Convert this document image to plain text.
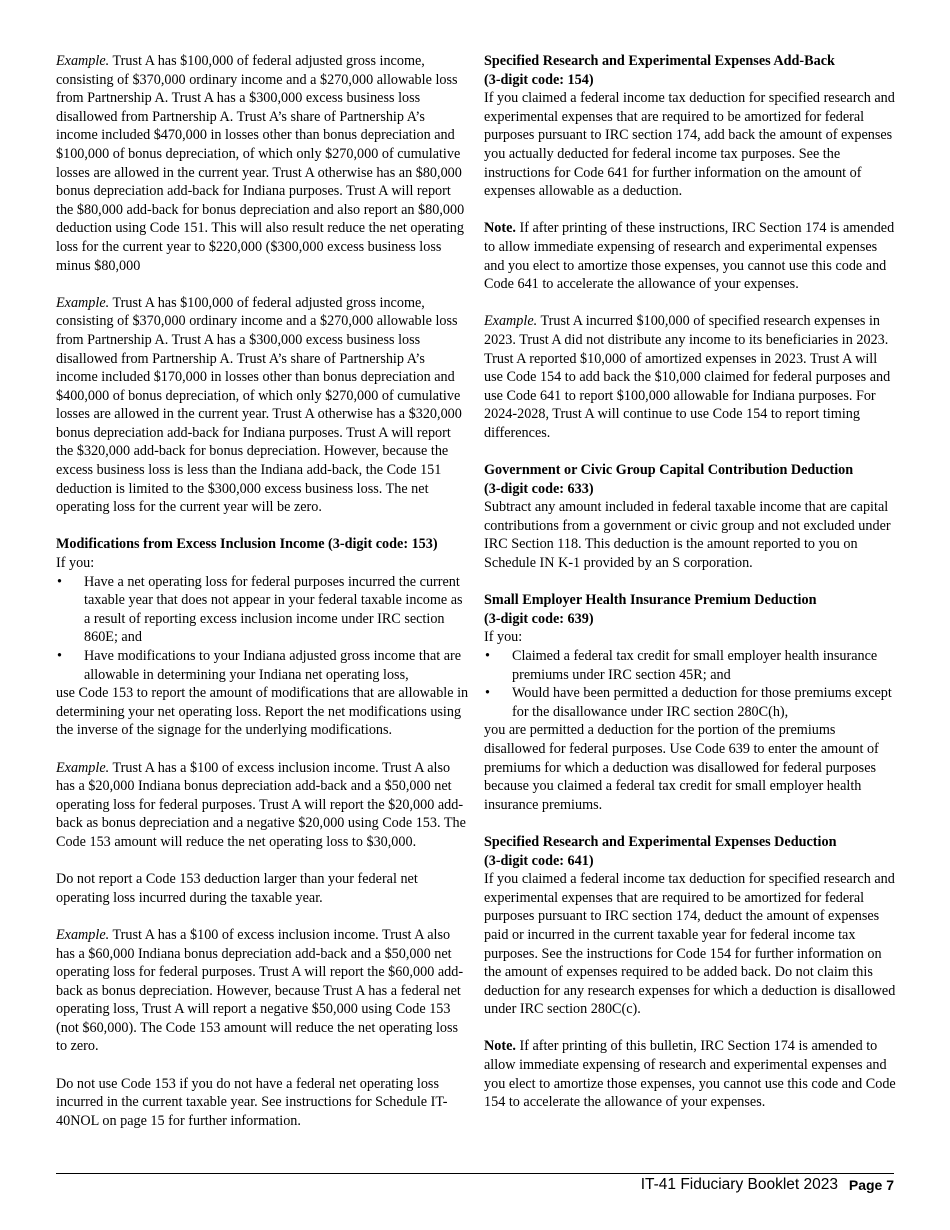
Example. Trust A has $100,000 of federal adjusted gross income, consisting of $370,000 ordinary income and a $270,000 allowable loss from Partnership A. Trust A has a $300,000 excess business loss disallowed from Partnership A. Trust A’s share of Partnership A’s income included $470,000 in losses other than bonus depreciation and $100,000 of bonus depreciation, of which only $270,000 of cumulative losses are allowed in the current year. Trust A otherwise has an $80,000 bonus depreciation add-back for Indiana purposes. Trust A will report the $80,000 add-back for bonus depreciation and also report an $80,000 deduction using Code 151. This will also result reduce the net operating loss for the current year to $220,000 ($300,000 excess business loss minus $80,000

Example. Trust A has $100,000 of federal adjusted gross income, consisting of $370,000 ordinary income and a $270,000 allowable loss from Partnership A. Trust A has a $300,000 excess business loss disallowed from Partnership A. Trust A’s share of Partnership A’s income included $170,000 in losses other than bonus depreciation and $400,000 of bonus depreciation, of which only $270,000 of cumulative losses are allowed in the current year. Trust A otherwise has a $320,000 bonus depreciation add-back for Indiana purposes. Trust A will report the $320,000 add-back for bonus depreciation. However, because the excess business loss is less than the Indiana add-back, the Code 151 deduction is limited to the $300,000 excess business loss. The net operating loss for the current year will be zero.

Modifications from Excess Inclusion Income (3-digit code: 153)

If you:

• Have a net operating loss for federal purposes incurred the current taxable year that does not appear in your federal taxable income as a result of reporting excess inclusion income under IRC section 860E; and
• Have modifications to your Indiana adjusted gross income that are allowable in determining your Indiana net operating loss,

use Code 153 to report the amount of modifications that are allowable in determining your net operating loss. Report the net modifications using the inverse of the signage for the underlying modifications.

Example. Trust A has a $100 of excess inclusion income. Trust A also has a $20,000 Indiana bonus depreciation add-back and a $50,000 net operating loss for federal purposes. Trust A will report the $20,000 add-back as bonus depreciation and a negative $20,000 using Code 153. The Code 153 amount will reduce the net operating loss to $30,000.

Do not report a Code 153 deduction larger than your federal net operating loss incurred during the taxable year.

Example. Trust A has a $100 of excess inclusion income. Trust A also has a $60,000 Indiana bonus depreciation add-back and a $50,000 net operating loss for federal purposes. Trust A will report the $60,000 add-back as bonus depreciation. However, because Trust A has a federal net operating loss, Trust A will report a negative $50,000 using Code 153 (not $60,000). The Code 153 amount will reduce the net operating loss to zero.

Do not use Code 153 if you do not have a federal net operating loss incurred in the current taxable year. See instructions for Schedule IT-40NOL on page 15 for further information.

Specified Research and Experimental Expenses Add-Back
(3-digit code: 154)

If you claimed a federal income tax deduction for specified research and experimental expenses that are required to be amortized for federal purposes pursuant to IRC section 174, add back the amount of expenses you actually deducted for federal income tax purposes. See the instructions for Code 641 for further information on the amount of expenses allowable as a deduction.

Note. If after printing of these instructions, IRC Section 174 is amended to allow immediate expensing of research and experimental expenses and you elect to amortize those expenses, you cannot use this code and Code 641 to accelerate the allowance of your expenses.

Example. Trust A incurred $100,000 of specified research expenses in 2023. Trust A did not distribute any income to its beneficiaries in 2023. Trust A reported $10,000 of amortized expenses in 2023. Trust A will use Code 154 to add back the $10,000 claimed for federal purposes and use Code 641 to report $100,000 allowable for Indiana purposes. For 2024-2028, Trust A will continue to use Code 154 to report timing differences.

Government or Civic Group Capital Contribution Deduction
(3-digit code: 633)

Subtract any amount included in federal taxable income that are capital contributions from a government or civic group and not excluded under IRC Section 118. This deduction is the amount reported to you on Schedule IN K-1 provided by an S corporation.

Small Employer Health Insurance Premium Deduction
(3-digit code: 639)

If you:

• Claimed a federal tax credit for small employer health insurance premiums under IRC section 45R; and
• Would have been permitted a deduction for those premiums except for the disallowance under IRC section 280C(h),

you are permitted a deduction for the portion of the premiums disallowed for federal purposes. Use Code 639 to enter the amount of premiums for which a deduction was disallowed for federal purposes because you claimed a federal tax credit for small employer health insurance premiums.

Specified Research and Experimental Expenses Deduction
(3-digit code: 641)

If you claimed a federal income tax deduction for specified research and experimental expenses that are required to be amortized for federal purposes pursuant to IRC section 174, deduct the amount of expenses paid or incurred in the current taxable year for federal income tax purposes. See the instructions for Code 154 for further information on the amount of expenses required to be added back. Do not claim this deduction for any research expenses for which a deduction is disallowed under IRC section 280C(c).

Note. If after printing of this bulletin, IRC Section 174 is amended to allow immediate expensing of research and experimental expenses and you elect to amortize those expenses, you cannot use this code and Code 154 to accelerate the allowance of your expenses.

IT-41 Fiduciary Booklet 2023 Page 7
